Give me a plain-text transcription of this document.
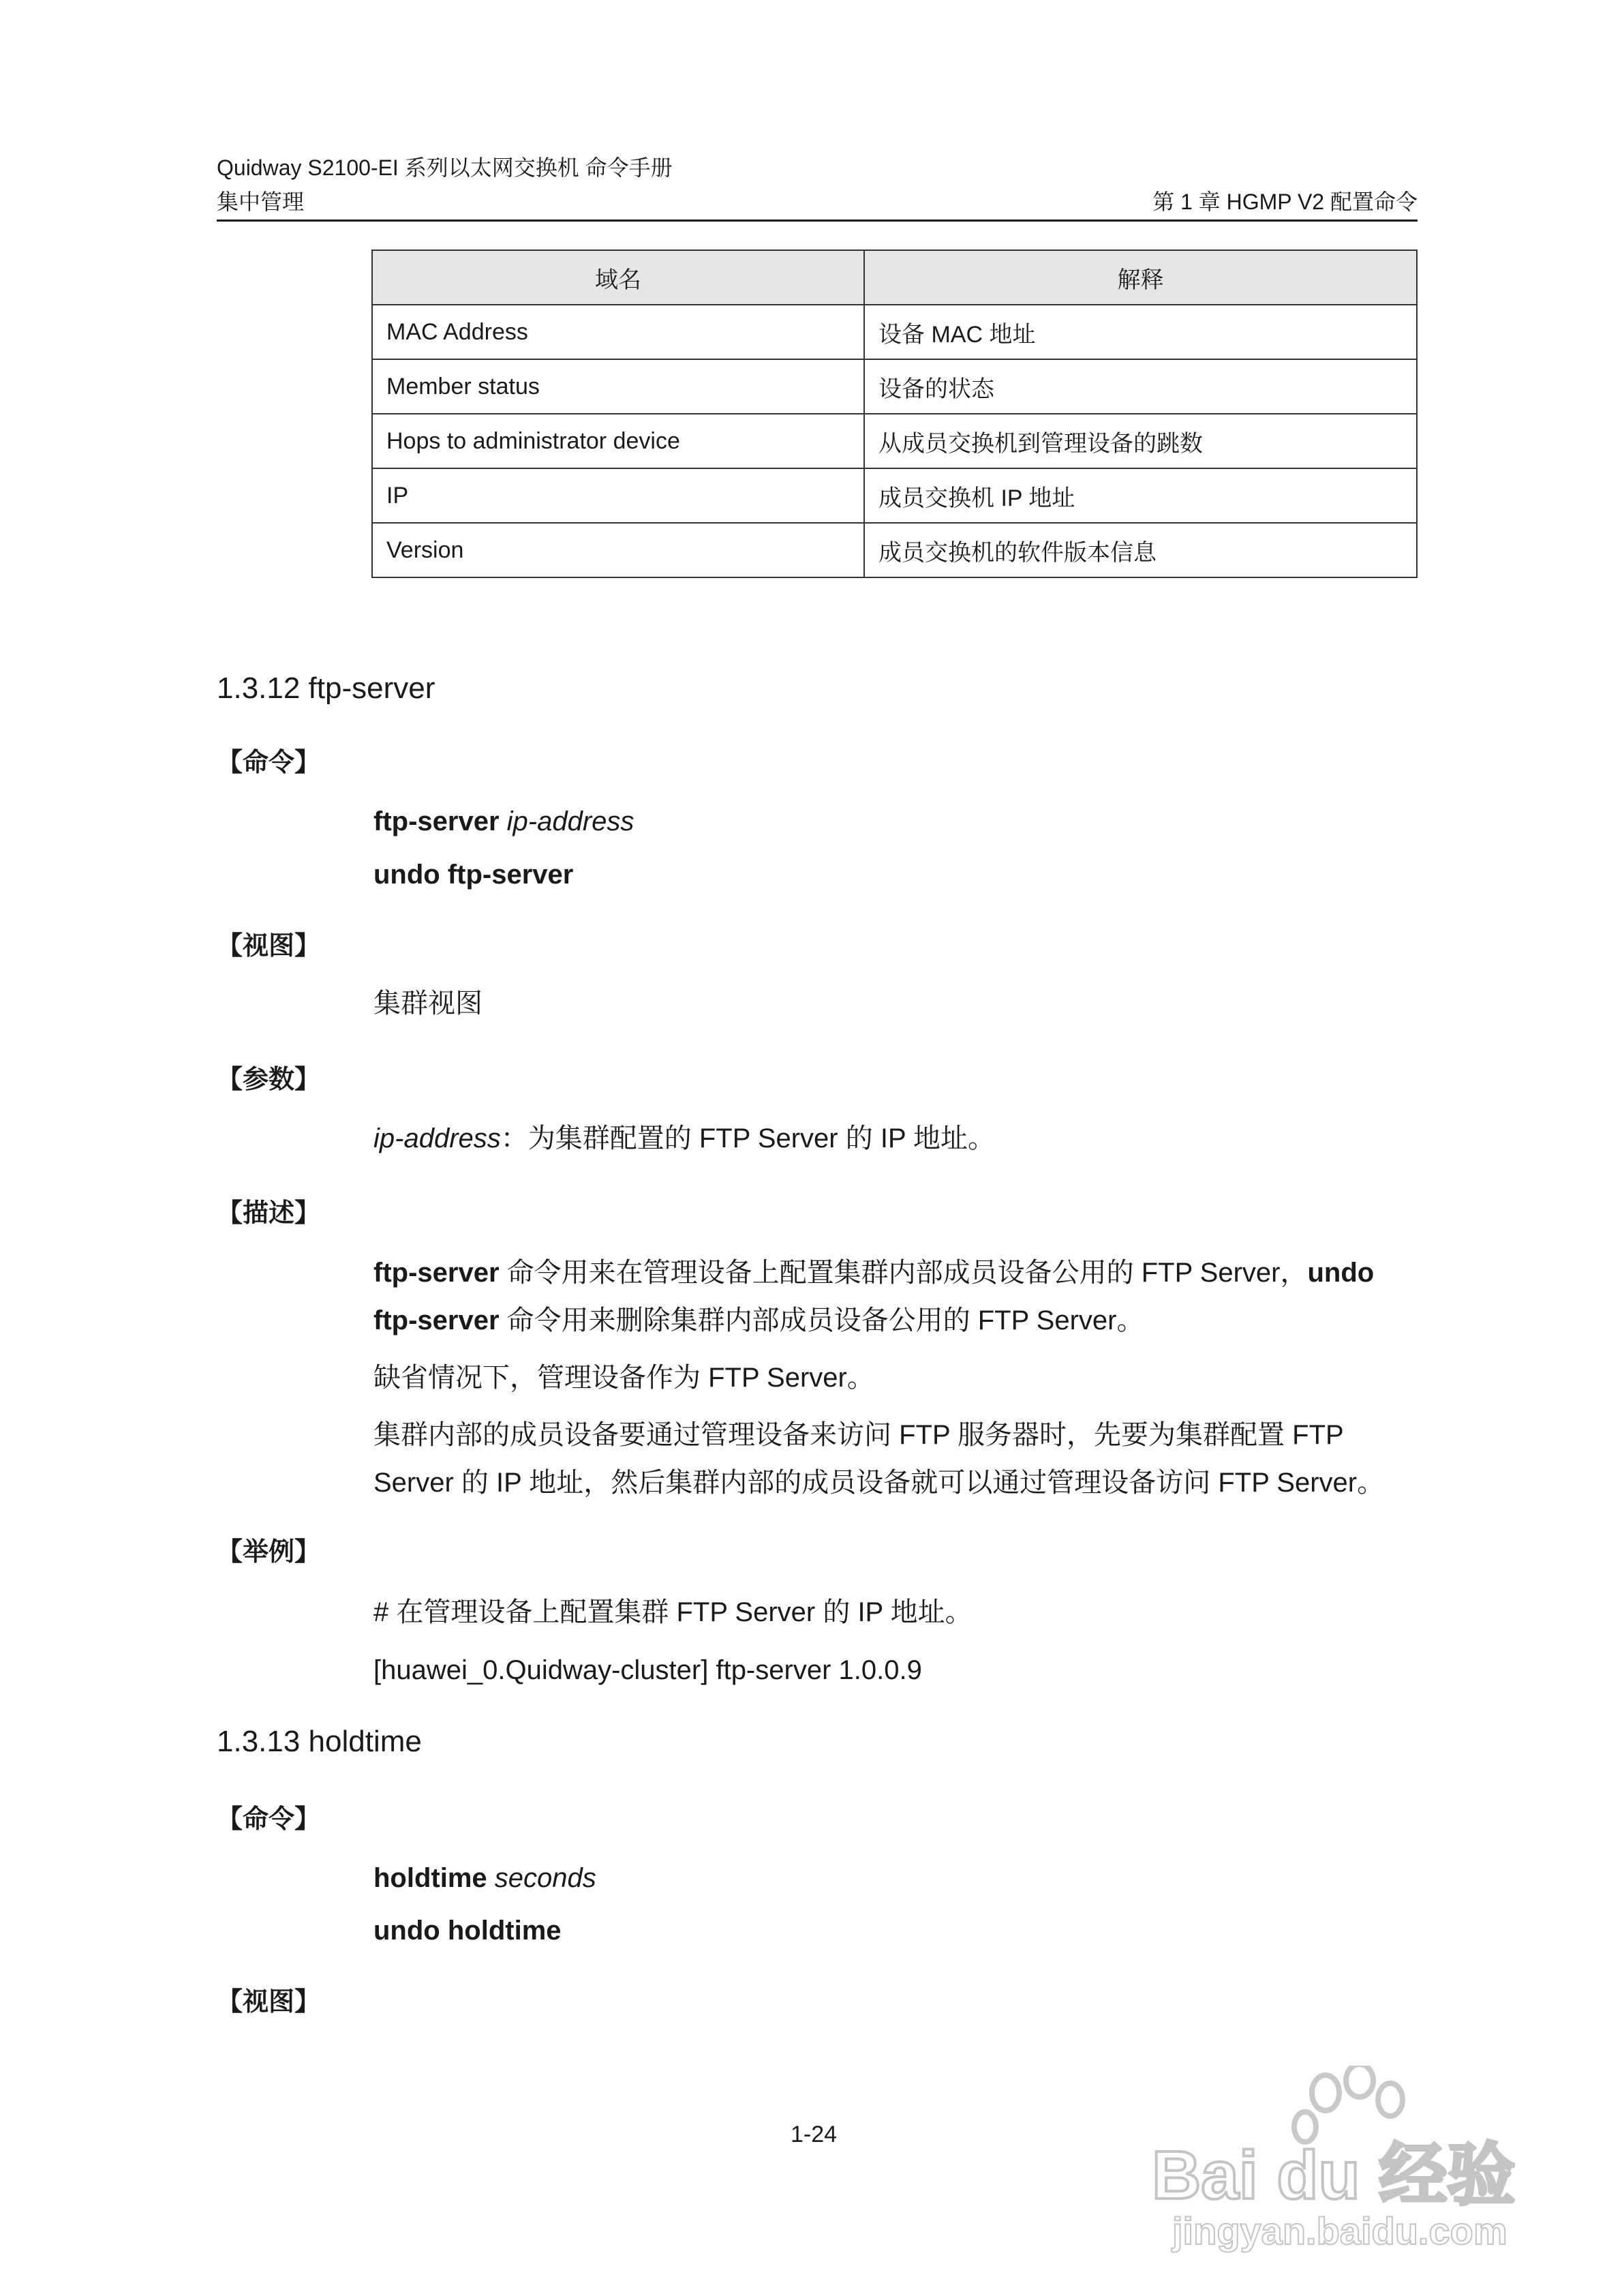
Quidway S2100-EI 系列以太网交换机 命令手册
集中管理	第 1 章 HGMP V2 配置命令
域名	解释
MAC Address	设备 MAC 地址
Member status	设备的状态
Hops to administrator device	从成员交换机到管理设备的跳数
IP	成员交换机 IP 地址
Version	成员交换机的软件版本信息
1.3.12 ftp-server
【命令】
ftp-server ip-address
undo ftp-server
【视图】
集群视图
【参数】
ip-address：为集群配置的 FTP Server 的 IP 地址。
【描述】
ftp-server 命令用来在管理设备上配置集群内部成员设备公用的 FTP Server，undo
ftp-server 命令用来删除集群内部成员设备公用的 FTP Server。
缺省情况下，管理设备作为 FTP Server。
集群内部的成员设备要通过管理设备来访问 FTP 服务器时，先要为集群配置 FTP
Server 的 IP 地址，然后集群内部的成员设备就可以通过管理设备访问 FTP Server。
【举例】
# 在管理设备上配置集群 FTP Server 的 IP 地址。
[huawei_0.Quidway-cluster] ftp-server 1.0.0.9
1.3.13 holdtime
【命令】
holdtime seconds
undo holdtime
【视图】
1-24
Bai du 经验
jingyan.baidu.com
